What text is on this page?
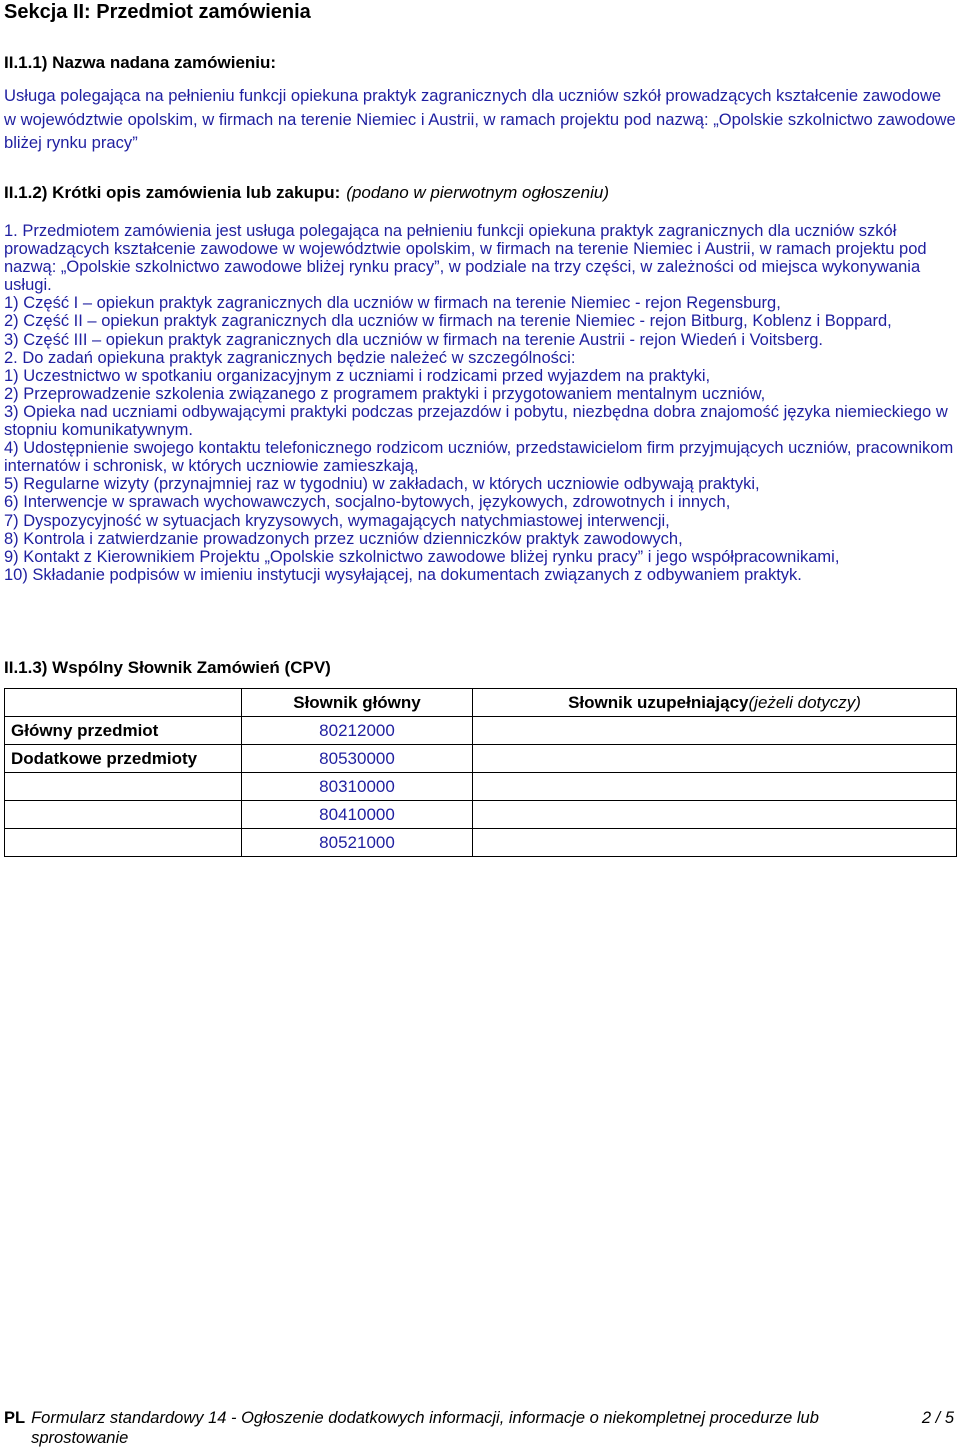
Sekcja II: Przedmiot zamówienia
II.1.1) Nazwa nadana zamówieniu:
Usługa polegająca na pełnieniu funkcji opiekuna praktyk zagranicznych dla uczniów szkół prowadzących kształcenie zawodowe w województwie opolskim, w firmach na terenie Niemiec i Austrii, w ramach projektu pod nazwą: „Opolskie szkolnictwo zawodowe bliżej rynku pracy”
II.1.2) Krótki opis zamówienia lub zakupu: (podano w pierwotnym ogłoszeniu)
1. Przedmiotem zamówienia jest usługa polegająca na pełnieniu funkcji opiekuna praktyk zagranicznych dla uczniów szkół prowadzących kształcenie zawodowe w województwie opolskim, w firmach na terenie Niemiec i Austrii, w ramach projektu pod nazwą: „Opolskie szkolnictwo zawodowe bliżej rynku pracy”, w podziale na trzy części, w zależności od miejsca wykonywania usługi.
1) Część I – opiekun praktyk zagranicznych dla uczniów w firmach na terenie Niemiec - rejon Regensburg,
2) Część II – opiekun praktyk zagranicznych dla uczniów w firmach na terenie Niemiec - rejon Bitburg, Koblenz i Boppard,
3) Część III – opiekun praktyk zagranicznych dla uczniów w firmach na terenie Austrii - rejon Wiedeń i Voitsberg.
2. Do zadań opiekuna praktyk zagranicznych będzie należeć w szczególności:
1) Uczestnictwo w spotkaniu organizacyjnym z uczniami i rodzicami przed wyjazdem na praktyki,
2) Przeprowadzenie szkolenia związanego z programem praktyki i przygotowaniem mentalnym uczniów,
3) Opieka nad uczniami odbywającymi praktyki podczas przejazdów i pobytu, niezbędna dobra znajomość języka niemieckiego w stopniu komunikatywnym.
4) Udostępnienie swojego kontaktu telefonicznego rodzicom uczniów, przedstawicielom firm przyjmujących uczniów, pracownikom internatów i schronisk, w których uczniowie zamieszkają,
5) Regularne wizyty (przynajmniej raz w tygodniu) w zakładach, w których uczniowie odbywają praktyki,
6) Interwencje w sprawach wychowawczych, socjalno-bytowych, językowych, zdrowotnych i innych,
7) Dyspozycyjność w sytuacjach kryzysowych, wymagających natychmiastowej interwencji,
8) Kontrola i zatwierdzanie prowadzonych przez uczniów dzienniczków praktyk zawodowych,
9) Kontakt z Kierownikiem Projektu „Opolskie szkolnictwo zawodowe bliżej rynku pracy” i jego współpracownikami,
10) Składanie podpisów w imieniu instytucji wysyłającej, na dokumentach związanych z odbywaniem praktyk.
II.1.3) Wspólny Słownik Zamówień (CPV)
	Słownik główny	Słownik uzupełniający(jeżeli dotyczy)
Główny przedmiot	80212000	
Dodatkowe przedmioty	80530000	
	80310000	
	80410000	
	80521000	
PL Formularz standardowy 14 - Ogłoszenie dodatkowych informacji, informacje o niekompletnej procedurze lub sprostowanie
2 / 5
